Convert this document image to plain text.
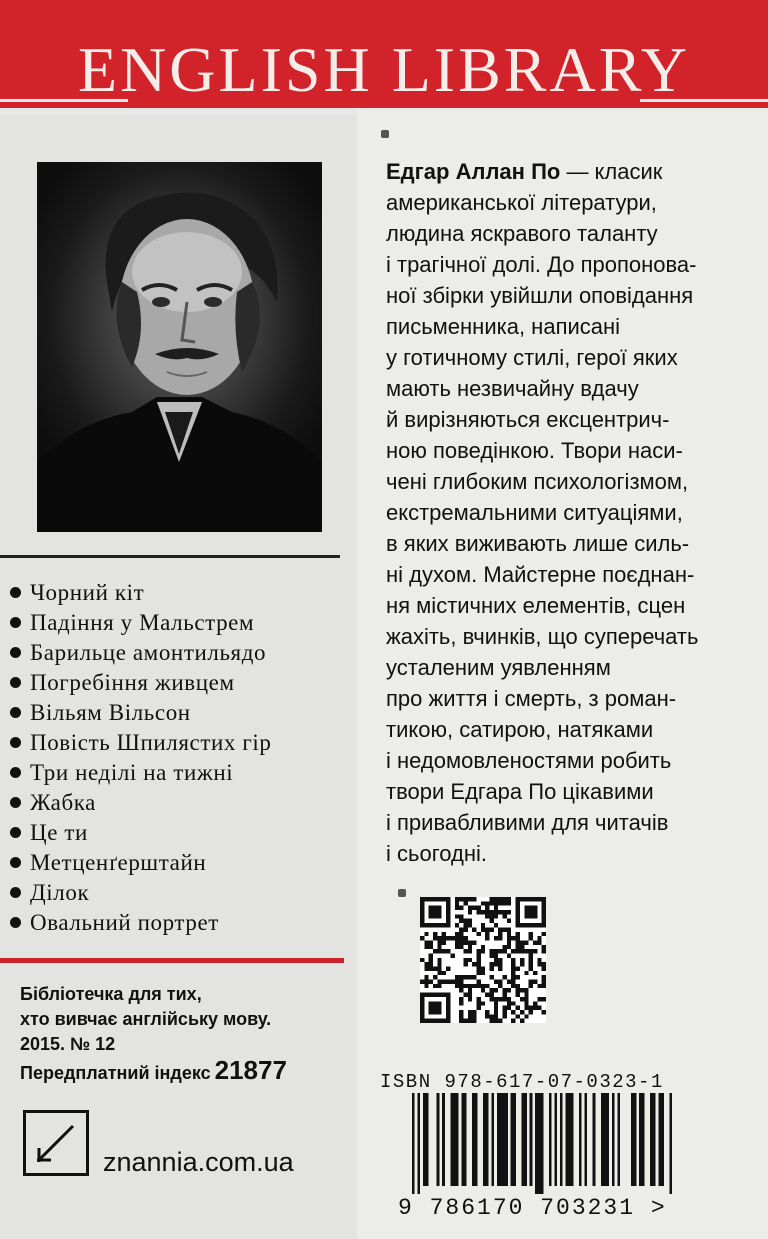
ENGLISH LIBRARY
Чорний кіт
Падіння у Мальстрем
Барильце амонтильядо
Погребіння живцем
Вільям Вільсон
Повість Шпилястих гір
Три неділі на тижні
Жабка
Це ти
Метценґерштайн
Ділок
Овальний портрет
Бібліотечка для тих,
хто вивчає англійську мову.
2015. № 12
Передплатний індекс 21877
znannia.com.ua
Едгар Аллан По — класик
американської літератури,
людина яскравого таланту
і трагічної долі. До пропонова-
ної збірки увійшли оповідання
письменника, написані
у готичному стилі, герої яких
мають незвичайну вдачу
й вирізняються ексцентрич-
ною поведінкою. Твори наси-
чені глибоким психологізмом,
екстремальними ситуаціями,
в яких виживають лише силь-
ні духом. Майстерне поєднан-
ня містичних елементів, сцен
жахіть, вчинків, що суперечать
усталеним уявленням
про життя і смерть, з роман-
тикою, сатирою, натяками
і недомовленостями робить
твори Едгара По цікавими
і привабливими для читачів
і сьогодні.
ISBN 978-617-07-0323-1
9 786170 703231 >
